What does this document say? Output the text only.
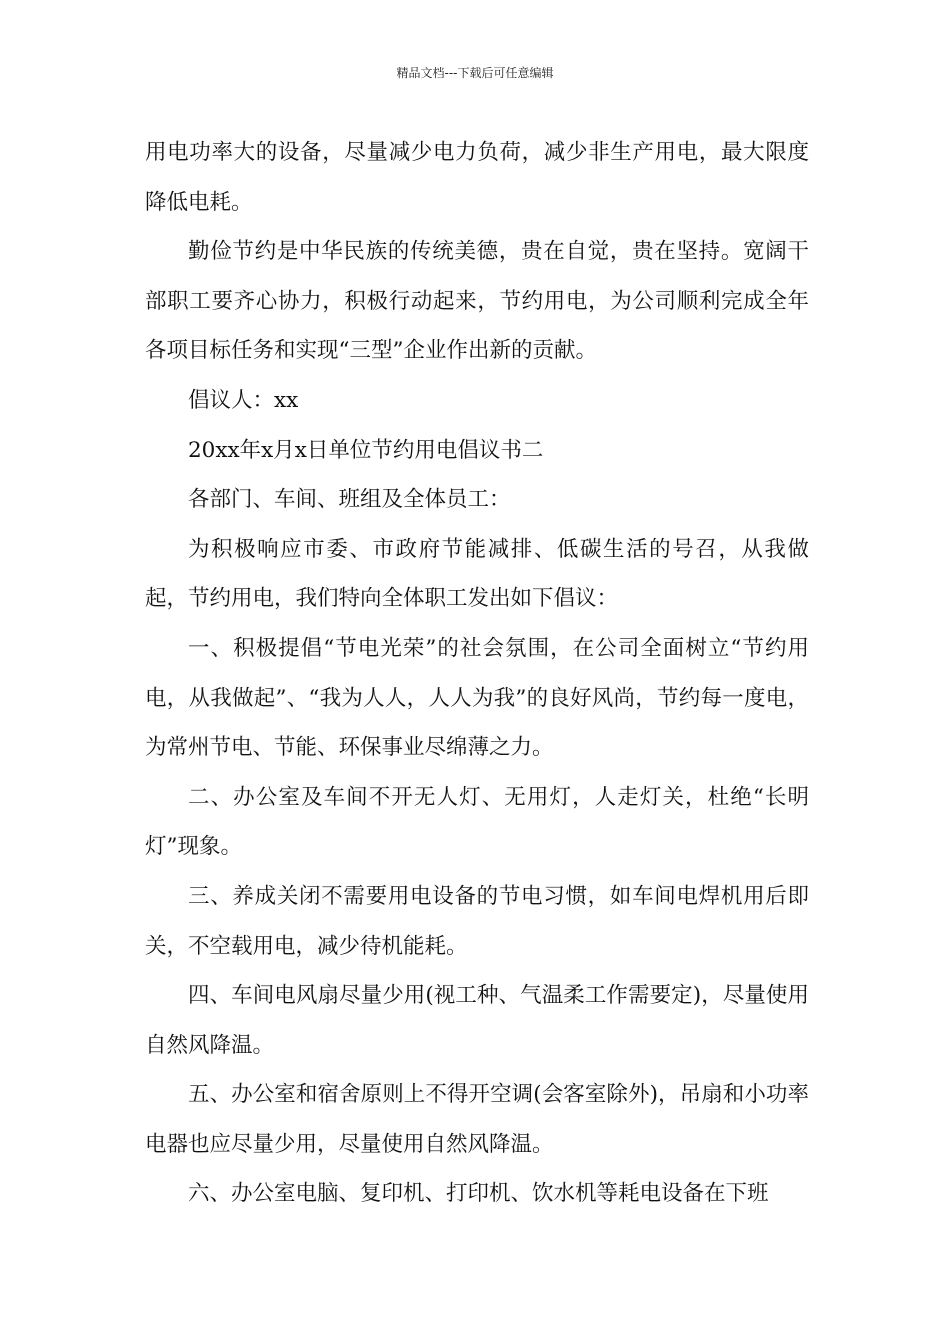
精品文档---下载后可任意编辑

用电功率大的设备，尽量减少电力负荷，减少非生产用电，最大限度降低电耗。

勤俭节约是中华民族的传统美德，贵在自觉，贵在坚持。宽阔干部职工要齐心协力，积极行动起来，节约用电，为公司顺利完成全年各项目标任务和实现“三型”企业作出新的贡献。

倡议人：xx

20xx年x月x日单位节约用电倡议书二

各部门、车间、班组及全体员工：

为积极响应市委、市政府节能减排、低碳生活的号召，从我做起，节约用电，我们特向全体职工发出如下倡议：

一、积极提倡“节电光荣”的社会氛围，在公司全面树立“节约用电，从我做起”、“我为人人，人人为我”的良好风尚，节约每一度电，为常州节电、节能、环保事业尽绵薄之力。

二、办公室及车间不开无人灯、无用灯，人走灯关，杜绝“长明灯”现象。

三、养成关闭不需要用电设备的节电习惯，如车间电焊机用后即关，不空载用电，减少待机能耗。

四、车间电风扇尽量少用(视工种、气温柔工作需要定)，尽量使用自然风降温。

五、办公室和宿舍原则上不得开空调(会客室除外)，吊扇和小功率电器也应尽量少用，尽量使用自然风降温。

六、办公室电脑、复印机、打印机、饮水机等耗电设备在下班
